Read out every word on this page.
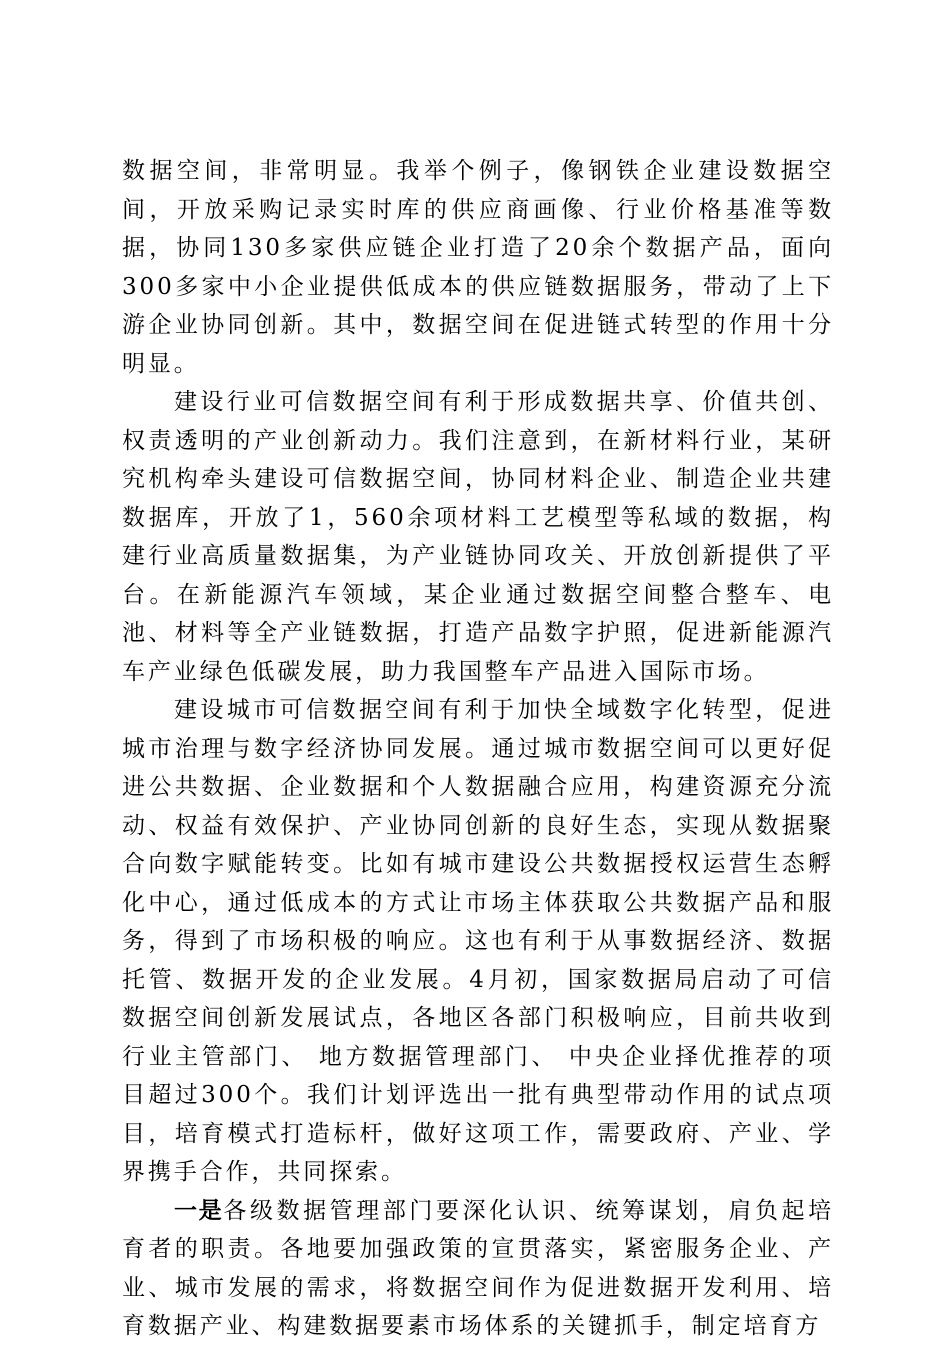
数据空间，非常明显。我举个例子，像钢铁企业建设数据空间，开放采购记录实时库的供应商画像、行业价格基准等数据，协同130多家供应链企业打造了20余个数据产品，面向300多家中小企业提供低成本的供应链数据服务，带动了上下游企业协同创新。其中，数据空间在促进链式转型的作用十分明显。

建设行业可信数据空间有利于形成数据共享、价值共创、权责透明的产业创新动力。我们注意到，在新材料行业，某研究机构牵头建设可信数据空间，协同材料企业、制造企业共建数据库，开放了1，560余项材料工艺模型等私域的数据，构建行业高质量数据集，为产业链协同攻关、开放创新提供了平台。在新能源汽车领域，某企业通过数据空间整合整车、电池、材料等全产业链数据，打造产品数字护照，促进新能源汽车产业绿色低碳发展，助力我国整车产品进入国际市场。

建设城市可信数据空间有利于加快全域数字化转型，促进城市治理与数字经济协同发展。通过城市数据空间可以更好促进公共数据、企业数据和个人数据融合应用，构建资源充分流动、权益有效保护、产业协同创新的良好生态，实现从数据聚合向数字赋能转变。比如有城市建设公共数据授权运营生态孵化中心，通过低成本的方式让市场主体获取公共数据产品和服务，得到了市场积极的响应。这也有利于从事数据经济、数据托管、数据开发的企业发展。4月初，国家数据局启动了可信数据空间创新发展试点，各地区各部门积极响应，目前共收到行业主管部门、 地方数据管理部门、 中央企业择优推荐的项目超过300个。我们计划评选出一批有典型带动作用的试点项目，培育模式打造标杆，做好这项工作，需要政府、产业、学界携手合作，共同探索。

一是各级数据管理部门要深化认识、统筹谋划，肩负起培育者的职责。各地要加强政策的宣贯落实，紧密服务企业、产业、城市发展的需求，将数据空间作为促进数据开发利用、培育数据产业、构建数据要素市场体系的关键抓手，制定培育方
